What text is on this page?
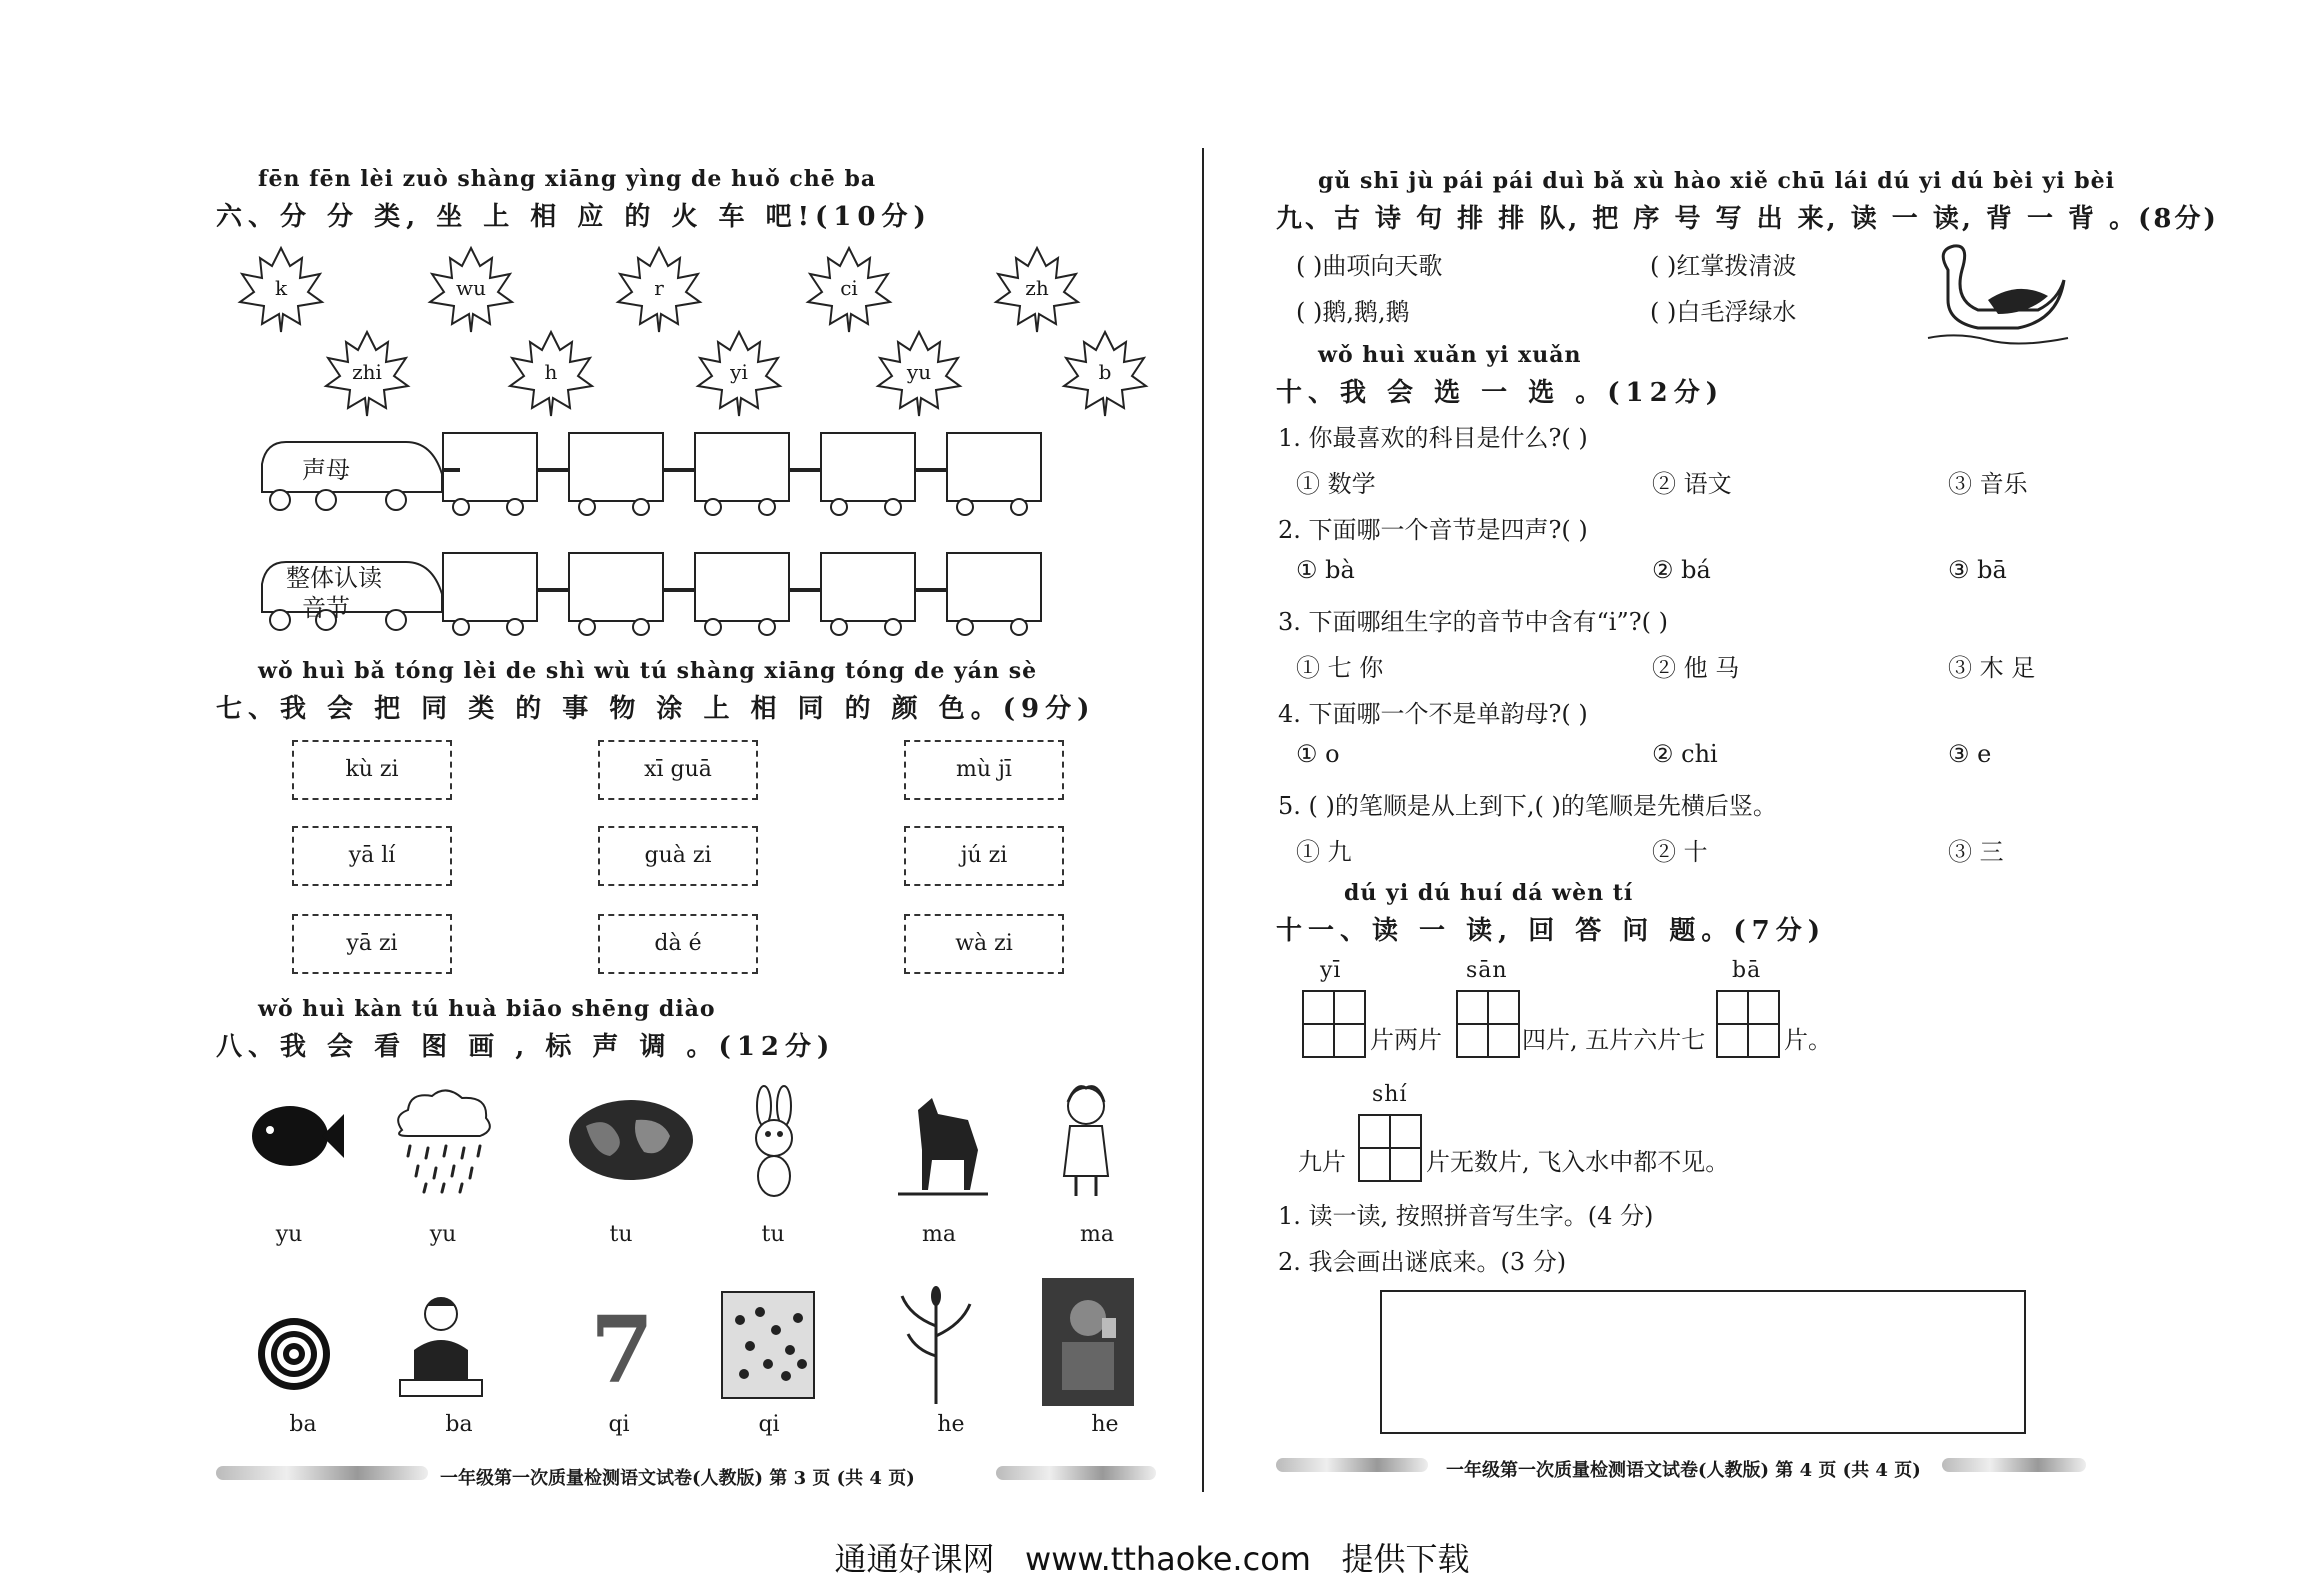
fēn fēn lèi zuò shàng xiāng yìng de huǒ chē ba
六、分 分 类, 坐 上 相 应 的 火 车 吧!(10分)
k	wu	r	ci	zh
zhi	h	yi	yu	b
声母
整体认读
音节
wǒ huì bǎ tóng lèi de shì wù tú shàng xiāng tóng de yán sè
七、我 会 把 同 类 的 事 物 涂 上 相 同 的 颜 色。(9分)
kù zi	xī guā	mù jī
yā lí	guà zi	jú zi
yā zi	dà é	wà zi
wǒ huì kàn tú huà biāo shēng diào
八、我 会 看 图 画 , 标 声 调 。(12分)
yu	yu	tu	tu	ma	ma
7
ba	ba	qi	qi	he	he
一年级第一次质量检测语文试卷(人教版) 第 3 页 (共 4 页)
gǔ shī jù pái pái duì bǎ xù hào xiě chū lái dú yi dú bèi yi bèi
九、古 诗 句 排 排 队, 把 序 号 写 出 来, 读 一 读, 背 一 背 。(8分)
( )曲项向天歌	( )红掌拨清波
( )鹅,鹅,鹅	( )白毛浮绿水
wǒ huì xuǎn yi xuǎn
十、我 会 选 一 选 。(12分)
1. 你最喜欢的科目是什么?( )
① 数学	② 语文	③ 音乐
2. 下面哪一个音节是四声?( )
① bà	② bá	③ bā
3. 下面哪组生字的音节中含有“i”?( )
① 七 你	② 他 马	③ 木 足
4. 下面哪一个不是单韵母?( )
① o	② chi	③ e
5. ( )的笔顺是从上到下,( )的笔顺是先横后竖。
① 九	② 十	③ 三
dú yi dú huí dá wèn tí
十一、读 一 读, 回 答 问 题。(7分)
yī
片两片
sān
四片, 五片六片七
bā
片。
shí
九片	片无数片, 飞入水中都不见。
1. 读一读, 按照拼音写生字。(4 分)
2. 我会画出谜底来。(3 分)
一年级第一次质量检测语文试卷(人教版) 第 4 页 (共 4 页)
通通好课网   www.tthaoke.com   提供下载
